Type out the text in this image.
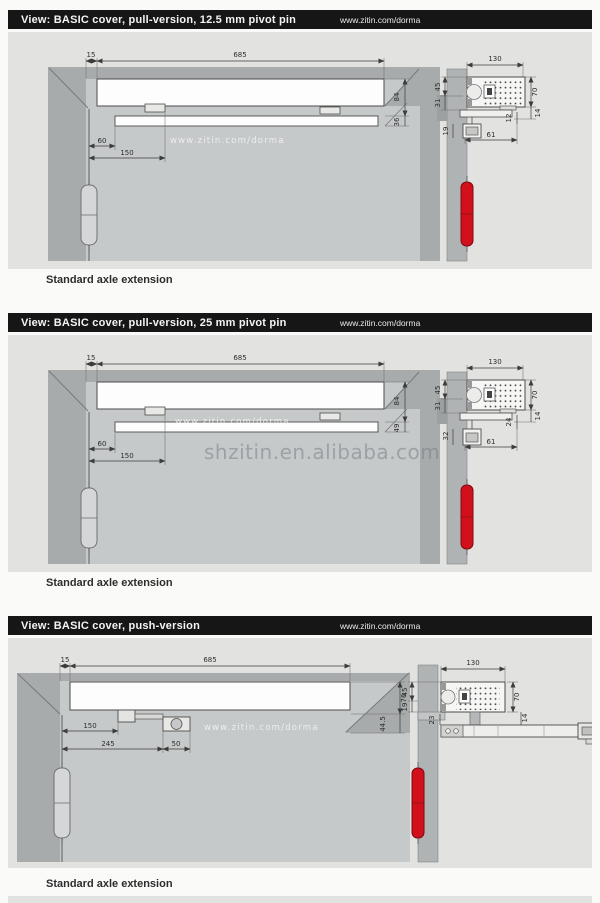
View: BASIC cover, pull-version, 12.5 mm pivot pin	www.zitin.com/dorma
www.zitin.com/dorma
15	685
84
36
60
150
130
70
14
45
31
19	61
12
Standard axle extension
View: BASIC cover, pull-version, 25 mm pivot pin	www.zitin.com/dorma
www.zitin.com/dorma
shzitin.en.alibaba.com
15	685
84
49
60
150
130
70
14
45
31
32
61
24
Standard axle extension
View: BASIC cover, push-version	www.zitin.com/dorma
www.zitin.com/dorma
15	685
76
44.5
150
245	50
130
70
14
45
19
23
Standard axle extension
